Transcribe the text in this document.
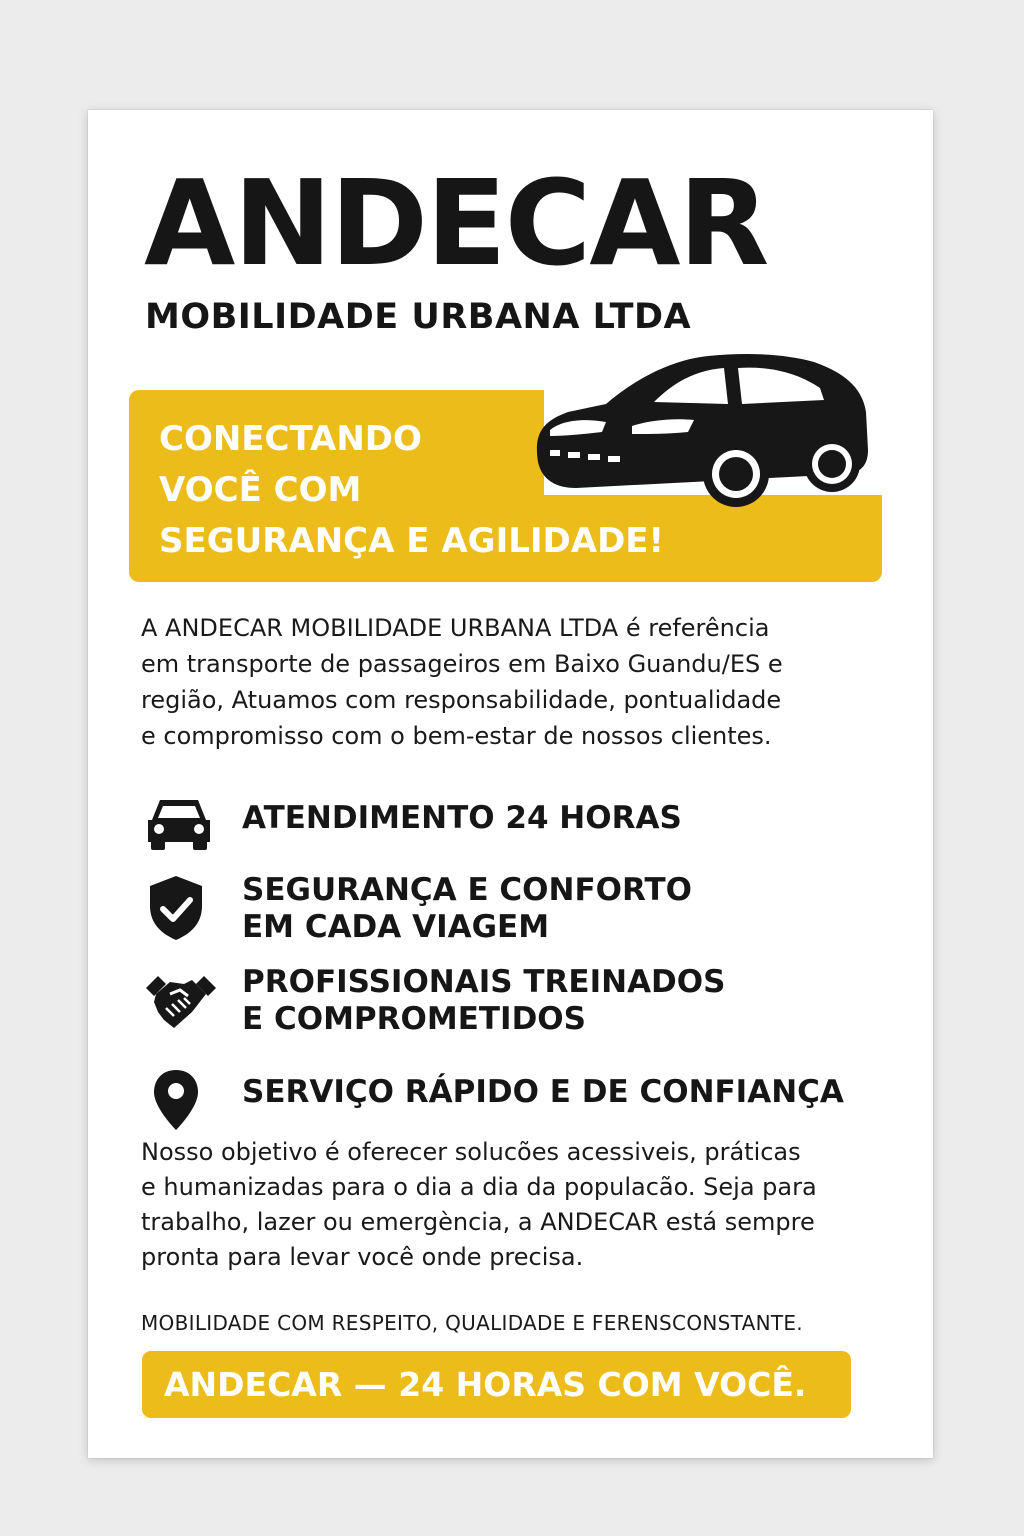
ANDECAR
MOBILIDADE URBANA LTDA
CONECTANDO
VOCÊ COM
SEGURANÇA E AGILIDADE!
A ANDECAR MOBILIDADE URBANA LTDA é referência
em transporte de passageiros em Baixo Guandu/ES e
região, Atuamos com responsabilidade, pontualidade
e compromisso com o bem-estar de nossos clientes.
ATENDIMENTO 24 HORAS
SEGURANÇA E CONFORTO
EM CADA VIAGEM
PROFISSIONAIS TREINADOS
E COMPROMETIDOS
SERVIÇO RÁPIDO E DE CONFIANÇA
Nosso objetivo é oferecer solucões acessiveis, práticas
e humanizadas para o dia a dia da populacão. Seja para
trabalho, lazer ou emergència, a ANDECAR está sempre
pronta para levar você onde precisa.
MOBILIDADE COM RESPEITO, QUALIDADE E FERENSCONSTANTE.
ANDECAR — 24 HORAS COM VOCÊ.
